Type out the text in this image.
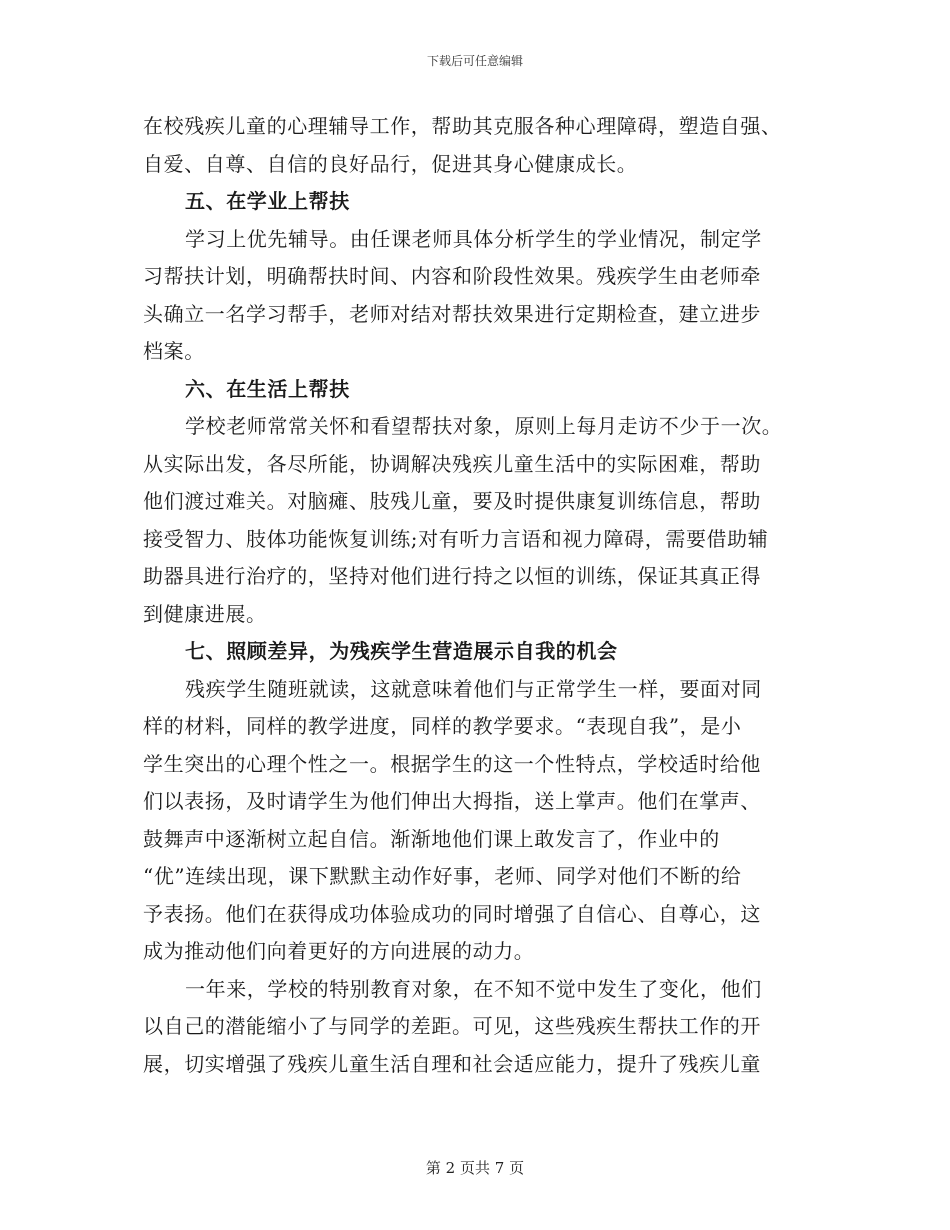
下载后可任意编辑
在校残疾儿童的心理辅导工作，帮助其克服各种心理障碍，塑造自强、
自爱、自尊、自信的良好品行，促进其身心健康成长。
五、在学业上帮扶
学习上优先辅导。由任课老师具体分析学生的学业情况，制定学
习帮扶计划，明确帮扶时间、内容和阶段性效果。残疾学生由老师牵
头确立一名学习帮手，老师对结对帮扶效果进行定期检查，建立进步
档案。
六、在生活上帮扶
学校老师常常关怀和看望帮扶对象，原则上每月走访不少于一次。
从实际出发，各尽所能，协调解决残疾儿童生活中的实际困难，帮助
他们渡过难关。对脑瘫、肢残儿童，要及时提供康复训练信息，帮助
接受智力、肢体功能恢复训练;对有听力言语和视力障碍，需要借助辅
助器具进行治疗的，坚持对他们进行持之以恒的训练，保证其真正得
到健康进展。
七、照顾差异，为残疾学生营造展示自我的机会
残疾学生随班就读，这就意味着他们与正常学生一样，要面对同
样的材料，同样的教学进度，同样的教学要求。“表现自我”，是小
学生突出的心理个性之一。根据学生的这一个性特点，学校适时给他
们以表扬，及时请学生为他们伸出大拇指，送上掌声。他们在掌声、
鼓舞声中逐渐树立起自信。渐渐地他们课上敢发言了，作业中的
“优”连续出现，课下默默主动作好事，老师、同学对他们不断的给
予表扬。他们在获得成功体验成功的同时增强了自信心、自尊心，这
成为推动他们向着更好的方向进展的动力。
一年来，学校的特别教育对象，在不知不觉中发生了变化，他们
以自己的潜能缩小了与同学的差距。可见，这些残疾生帮扶工作的开
展，切实增强了残疾儿童生活自理和社会适应能力，提升了残疾儿童
第 2 页共 7 页
